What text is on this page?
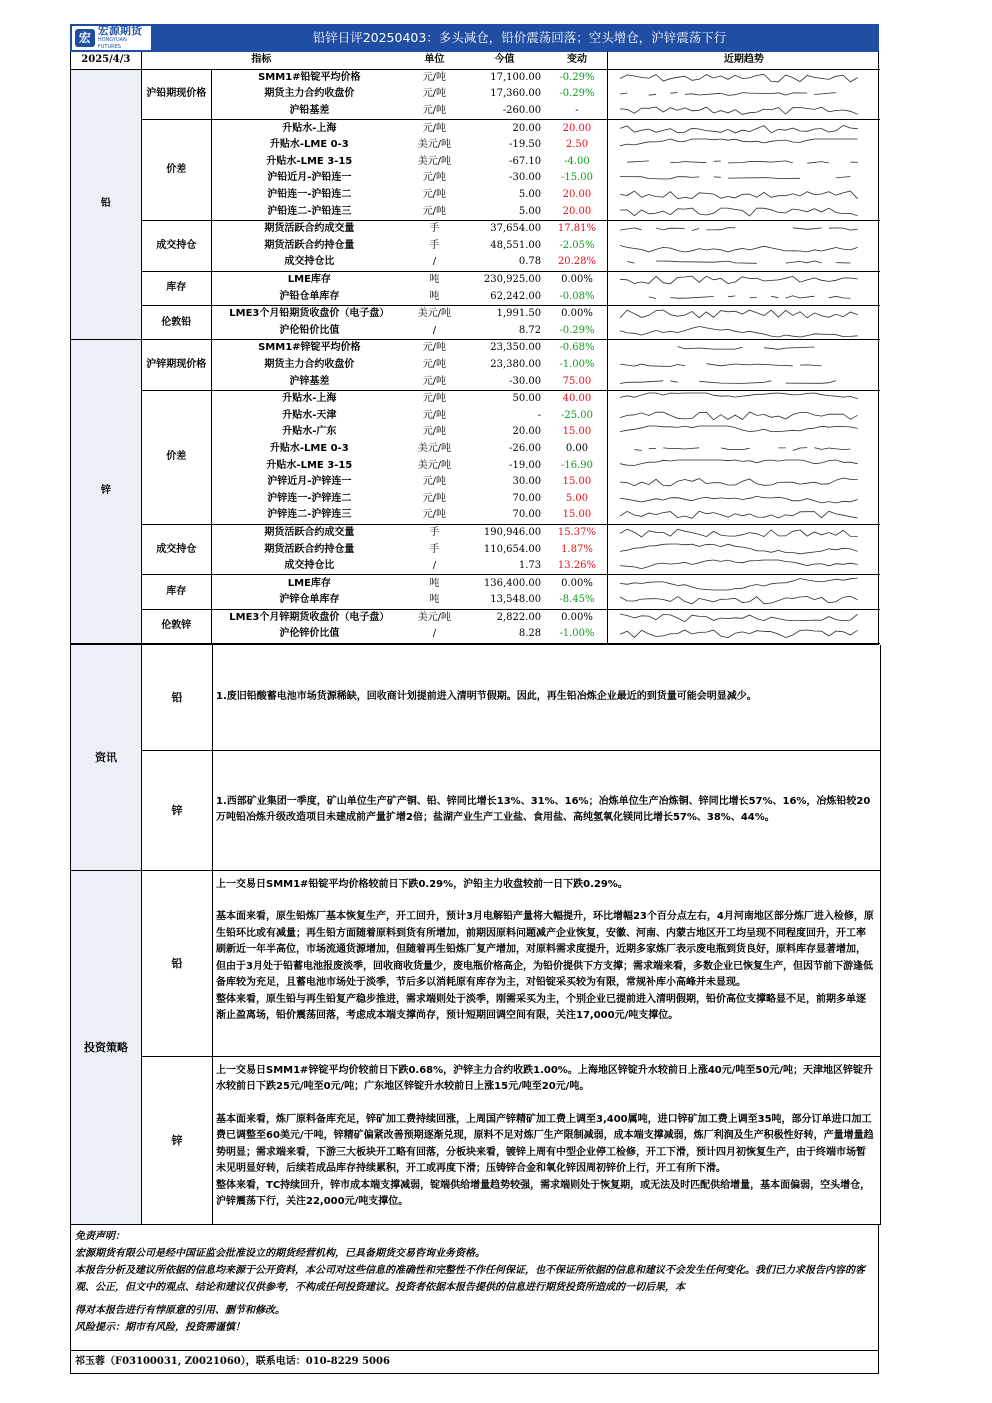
宏
宏源期货
HONGYUAN FUTURES
铅锌日评20250403：多头减仓，铅价震荡回落；空头增仓，沪锌震荡下行
2025/4/3		指标	单位	今值	变动	近期趋势
铅	沪铅期现价格	SMM1#铅锭平均价格	元/吨	17,100.00	-0.29%	

		期货主力合约收盘价	元/吨	17,360.00	-0.29%	

		沪铅基差	元/吨	-260.00	-	

	价差	升贴水-上海	元/吨	20.00	20.00	

		升贴水-LME 0-3	美元/吨	-19.50	2.50	

		升贴水-LME 3-15	美元/吨	-67.10	-4.00	

		沪铅近月-沪铅连一	元/吨	-30.00	-15.00	

		沪铅连一-沪铅连二	元/吨	5.00	20.00	

		沪铅连二-沪铅连三	元/吨	5.00	20.00	

	成交持仓	期货活跃合约成交量	手	37,654.00	17.81%	

		期货活跃合约持仓量	手	48,551.00	-2.05%	

		成交持仓比	/	0.78	20.28%	

	库存	LME库存	吨	230,925.00	0.00%	

		沪铅仓单库存	吨	62,242.00	-0.08%	

	伦敦铅	LME3个月铅期货收盘价（电子盘）	美元/吨	1,991.50	0.00%	

		沪伦铅价比值	/	8.72	-0.29%	

锌	沪锌期现价格	SMM1#锌锭平均价格	元/吨	23,350.00	-0.68%	

		期货主力合约收盘价	元/吨	23,380.00	-1.00%	

		沪锌基差	元/吨	-30.00	75.00	

	价差	升贴水-上海	元/吨	50.00	40.00	

		升贴水-天津	元/吨	-	-25.00	

		升贴水-广东	元/吨	20.00	15.00	

		升贴水-LME 0-3	美元/吨	-26.00	0.00	

		升贴水-LME 3-15	美元/吨	-19.00	-16.90	

		沪锌近月-沪锌连一	元/吨	30.00	15.00	

		沪锌连一-沪锌连二	元/吨	70.00	5.00	

		沪锌连二-沪锌连三	元/吨	70.00	15.00	

	成交持仓	期货活跃合约成交量	手	190,946.00	15.37%	

		期货活跃合约持仓量	手	110,654.00	1.87%	

		成交持仓比	/	1.73	13.26%	

	库存	LME库存	吨	136,400.00	0.00%	

		沪锌仓单库存	吨	13,548.00	-8.45%	

	伦敦锌	LME3个月锌期货收盘价（电子盘）	美元/吨	2,822.00	0.00%	

		沪伦锌价比值	/	8.28	-1.00%	
资讯
铅	1.废旧铅酸蓄电池市场货源稀缺，回收商计划提前进入清明节假期。因此，再生铅冶炼企业最近的到货量可能会明显减少。
锌
1.西部矿业集团一季度，矿山单位生产矿产铜、铅、锌同比增长13%、31%、16%；冶炼单位生产冶炼铜、锌同比增长57%、16%，冶炼铅较20万吨铅冶炼升级改造项目未建成前产量扩增2倍；盐湖产业生产工业盐、食用盐、高纯氢氧化镁同比增长57%、38%、44%。
投资策略
铅

上一交易日SMM1#铅锭平均价格较前日下跌0.29%，沪铅主力收盘较前一日下跌0.29%。

基本面来看，原生铅炼厂基本恢复生产，开工回升，预计3月电解铅产量将大幅提升，环比增幅23个百分点左右，4月河南地区部分炼厂进入检修，原生铅环比或有减量；再生铅方面随着原料到货有所增加，前期因原料问题减产企业恢复，安徽、河南、内蒙古地区开工均呈现不同程度回升，开工率刷新近一年半高位，市场流通货源增加，但随着再生铅炼厂复产增加，对原料需求度提升，近期多家炼厂表示废电瓶到货良好，原料库存显著增加，但由于3月处于铅蓄电池报废淡季，回收商收货量少，废电瓶价格高企，为铅价提供下方支撑；需求端来看，多数企业已恢复生产，但因节前下游逢低备库较为充足，且蓄电池市场处于淡季，节后多以消耗原有库存为主，对铅锭采买较为有限，常规补库小高峰并未显现。

整体来看，原生铅与再生铅复产稳步推进，需求端则处于淡季，刚需采买为主，个别企业已提前进入清明假期，铅价高位支撑略显不足，前期多单逐渐止盈离场，铅价震荡回落，考虑成本端支撑尚存，预计短期回调空间有限，关注17,000元/吨支撑位。

锌

上一交易日SMM1#锌锭平均价较前日下跌0.68%，沪锌主力合约收跌1.00%。上海地区锌锭升水较前日上涨40元/吨至50元/吨；天津地区锌锭升水较前日下跌25元/吨至0元/吨；广东地区锌锭升水较前日上涨15元/吨至20元/吨。

基本面来看，炼厂原料备库充足，锌矿加工费持续回涨，上周国产锌精矿加工费上调至3,400属吨，进口锌矿加工费上调至35吨，部分订单进口加工费已调整至60美元/干吨，锌精矿偏紧改善预期逐渐兑现，原料不足对炼厂生产限制减弱，成本端支撑减弱，炼厂利润及生产积极性好转，产量增量趋势明显；需求端来看，下游三大板块开工略有回落，分板块来看，镀锌上周有中型企业停工检修，开工下滑，预计四月初恢复生产，由于终端市场暂未见明显好转，后续若成品库存持续累积，开工或再度下滑；压铸锌合金和氧化锌因周初锌价上行，开工有所下滑。

整体来看，TC持续回升，锌市成本端支撑减弱，锭端供给增量趋势较强，需求端则处于恢复期，或无法及时匹配供给增量，基本面偏弱，空头增仓，沪锌震荡下行，关注22,000元/吨支撑位。

免责声明：

宏源期货有限公司是经中国证监会批准设立的期货经营机构，已具备期货交易咨询业务资格。

本报告分析及建议所依据的信息均来源于公开资料，本公司对这些信息的准确性和完整性不作任何保证，也不保证所依据的信息和建议不会发生任何变化。我们已力求报告内容的客观、公正，但文中的观点、结论和建议仅供参考，不构成任何投资建议。投资者依据本报告提供的信息进行期货投资所造成的一切后果，本

得对本报告进行有悖原意的引用、删节和修改。

风险提示：期市有风险，投资需谨慎！

祁玉蓉（F03100031, Z0021060），联系电话：010-8229 5006
